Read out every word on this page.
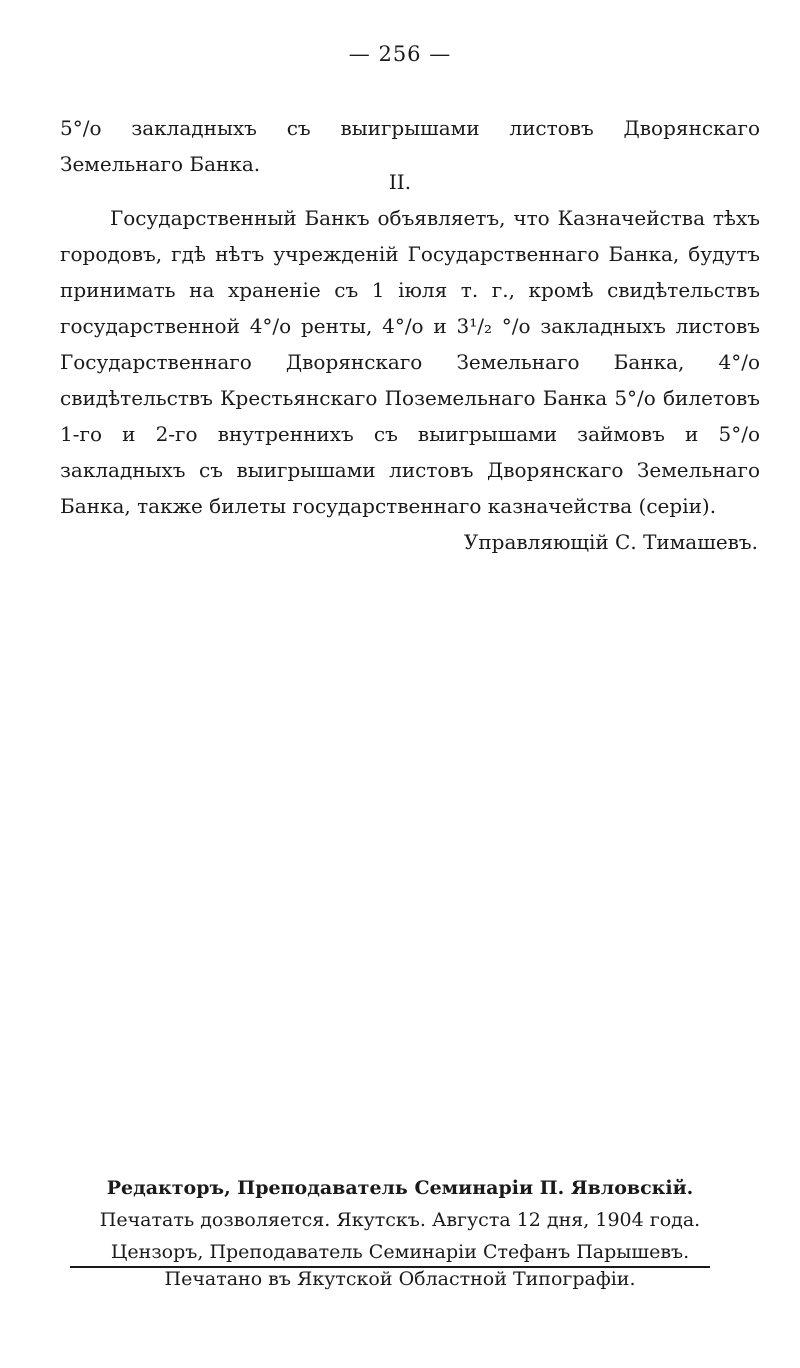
— 256 —

5°/о закладныхъ съ выигрышами листовъ Дворянскаго Земельнаго Банка.

II.

Государственный Банкъ объявляетъ, что Казначейства тѣхъ городовъ, гдѣ нѣтъ учрежденій Государственнаго Банка, будутъ принимать на храненіе съ 1 іюля т. г., кромѣ свидѣтельствъ государственной 4°/о ренты, 4°/о и 3¹/₂ °/о закладныхъ листовъ Государственнаго Дворянскаго Земельнаго Банка, 4°/о свидѣтельствъ Крестьянскаго Поземельнаго Банка 5°/о билетовъ 1-го и 2-го внутреннихъ съ выигрышами займовъ и 5°/о закладныхъ съ выигрышами листовъ Дворянскаго Земельнаго Банка, также билеты государственнаго казначейства (серіи).

Управляющій С. Тимашевъ.
Редакторъ, Преподаватель Семинаріи П. Явловскій.
Печатать дозволяется. Якутскъ. Августа 12 дня, 1904 года.
Цензоръ, Преподаватель Семинаріи Стефанъ Парышевъ.
Печатано въ Якутской Областной Типографіи.
